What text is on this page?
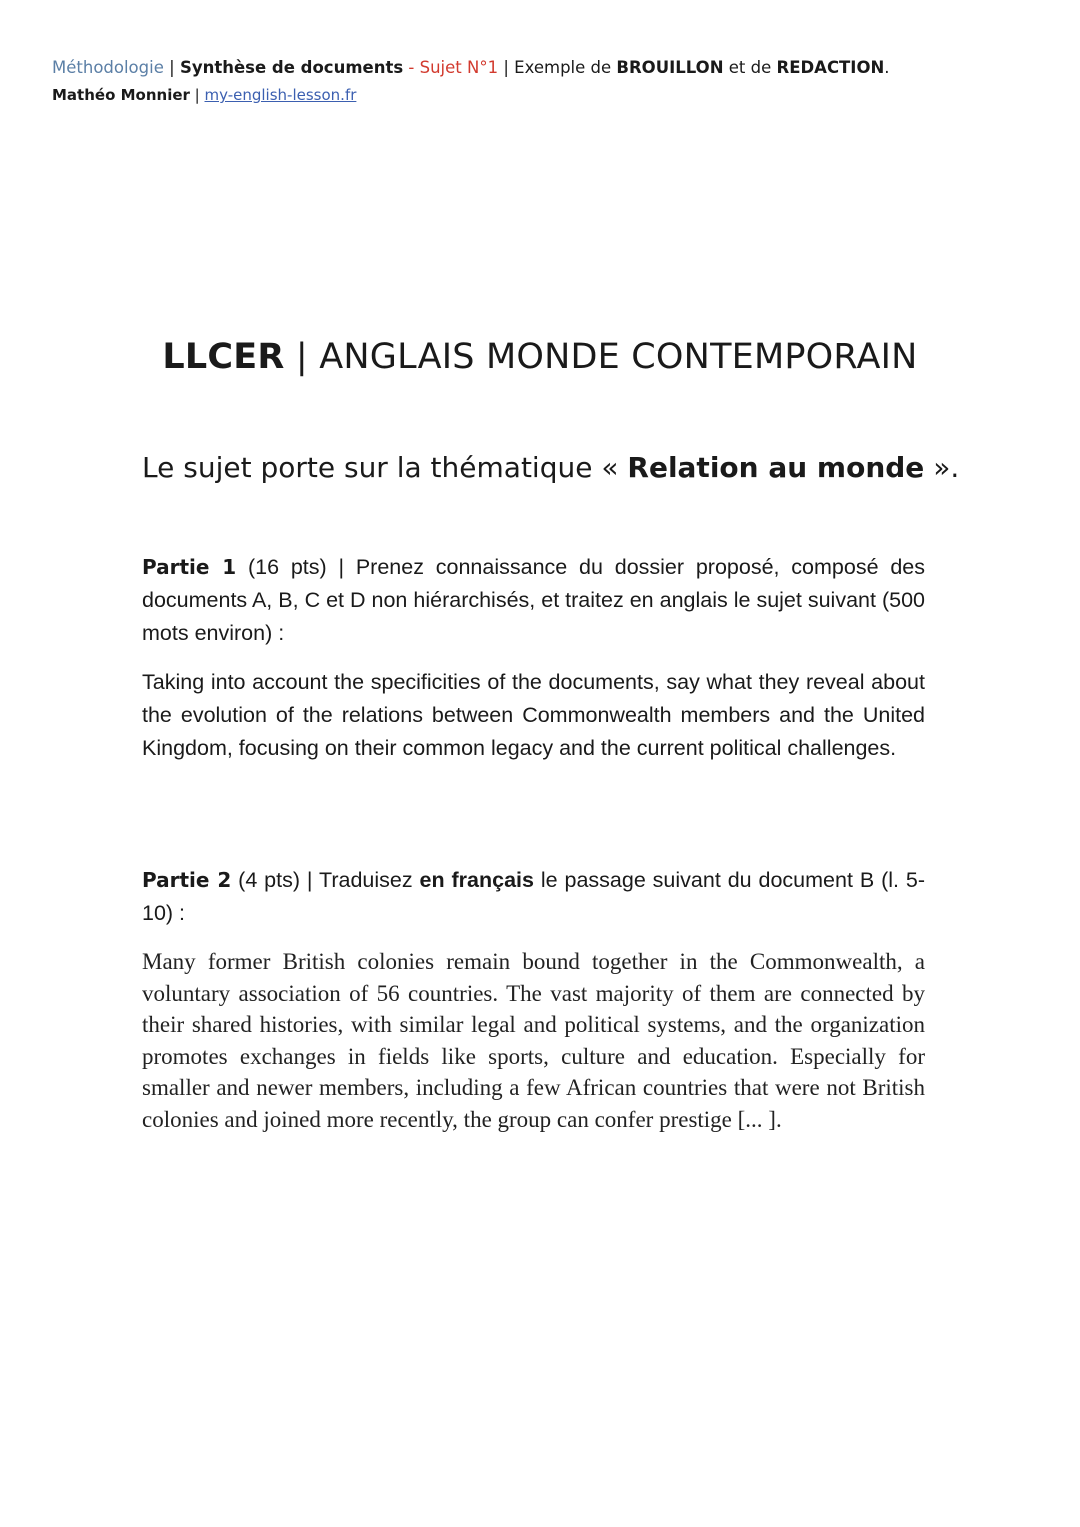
Méthodologie | Synthèse de documents - Sujet N°1 | Exemple de BROUILLON et de REDACTION.
Mathéo Monnier | my-english-lesson.fr
LLCER | ANGLAIS MONDE CONTEMPORAIN
Le sujet porte sur la thématique « Relation au monde ».

Partie 1 (16 pts) | Prenez connaissance du dossier proposé, composé des documents A, B, C et D non hiérarchisés, et traitez en anglais le sujet suivant (500 mots environ) :

Taking into account the specificities of the documents, say what they reveal about the evolution of the relations between Commonwealth members and the United Kingdom, focusing on their common legacy and the current political challenges.

Partie 2 (4 pts) | Traduisez en français le passage suivant du document B (l. 5-10) :

Many former British colonies remain bound together in the Commonwealth, a voluntary association of 56 countries. The vast majority of them are connected by their shared histories, with similar legal and political systems, and the organization promotes exchanges in fields like sports, culture and education. Especially for smaller and newer members, including a few African countries that were not British colonies and joined more recently, the group can confer prestige [... ].
